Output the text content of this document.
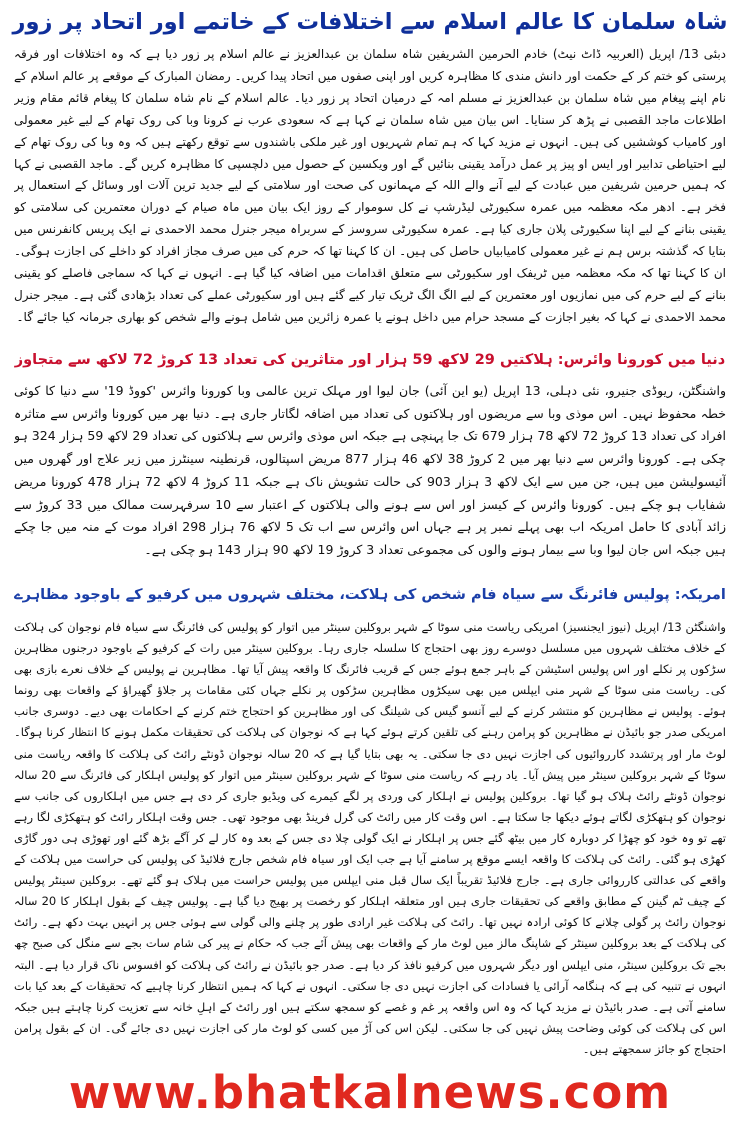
شاہ سلمان کا عالم اسلام سے اختلافات کے خاتمے اور اتحاد پر زور

دبئی 13/ اپریل (العربیہ ڈاٹ نیٹ) خادم الحرمین الشریفین شاہ سلمان بن عبدالعزیز نے عالم اسلام پر زور دیا ہے کہ وہ اختلافات اور فرقہ پرستی کو ختم کر کے حکمت اور دانش مندی کا مظاہرہ کریں اور اپنی صفوں میں اتحاد پیدا کریں۔ رمضان المبارک کے موقعے پر عالم اسلام کے نام اپنے پیغام میں شاہ سلمان بن عبدالعزیز نے مسلم امہ کے درمیان اتحاد پر زور دیا۔ عالم اسلام کے نام شاہ سلمان کا پیغام قائم مقام وزیر اطلاعات ماجد القصبی نے پڑھ کر سنایا۔ اس بیان میں شاہ سلمان نے کہا ہے کہ سعودی عرب نے کرونا وبا کی روک تھام کے لیے غیر معمولی اور کامیاب کوششیں کی ہیں۔ انہوں نے مزید کہا کہ ہم تمام شہریوں اور غیر ملکی باشندوں سے توقع رکھتے ہیں کہ وہ وبا کی روک تھام کے لیے احتیاطی تدابیر اور ایس او پیز پر عمل درآمد یقینی بنائیں گے اور ویکسین کے حصول میں دلچسپی کا مظاہرہ کریں گے۔ ماجد القصبی نے کہا کہ ہمیں حرمین شریفین میں عبادت کے لیے آنے والے اللہ کے مہمانوں کی صحت اور سلامتی کے لیے جدید ترین آلات اور وسائل کے استعمال پر فخر ہے۔ ادھر مکہ معظمہ میں عمرہ سکیورٹی لیڈرشپ نے کل سوموار کے روز ایک بیان میں ماہ صیام کے دوران معتمرین کی سلامتی کو یقینی بنانے کے لیے اپنا سکیورٹی پلان جاری کیا ہے۔ عمرہ سکیورٹی سروسز کے سربراہ میجر جنرل محمد الاحمدی نے ایک پریس کانفرنس میں بتایا کہ گذشتہ برس ہم نے غیر معمولی کامیابیاں حاصل کی ہیں۔ ان کا کہنا تھا کہ حرم کی میں صرف مجاز افراد کو داخلے کی اجازت ہوگی۔ ان کا کہنا تھا کہ مکہ معظمہ میں ٹریفک اور سکیورٹی سے متعلق اقدامات میں اضافہ کیا گیا ہے۔ انہوں نے کہا کہ سماجی فاصلے کو یقینی بنانے کے لیے حرم کی میں نمازیوں اور معتمرین کے لیے الگ الگ ٹریک تیار کیے گئے ہیں اور سکیورٹی عملے کی تعداد بڑھادی گئی ہے۔ میجر جنرل محمد الاحمدی نے کہا کہ بغیر اجازت کے مسجد حرام میں داخل ہونے یا عمرہ زائرین میں شامل ہونے والے شخص کو بھاری جرمانہ کیا جائے گا۔

دنیا میں کورونا وائرس: ہلاکتیں 29 لاکھ 59 ہزار اور متاثرین کی تعداد 13 کروڑ 72 لاکھ سے متجاوز

واشنگٹن، ریوڈی جنیرو، نئی دہلی، 13 اپریل (یو این آئی) جان لیوا اور مہلک ترین عالمی وبا کورونا وائرس 'کووڈ 19' سے دنیا کا کوئی خطہ محفوظ نہیں۔ اس موذی وبا سے مریضوں اور ہلاکتوں کی تعداد میں اضافہ لگاتار جاری ہے۔ دنیا بھر میں کورونا وائرس سے متاثرہ افراد کی تعداد 13 کروڑ 72 لاکھ 78 ہزار 679 تک جا پہنچی ہے جبکہ اس موذی وائرس سے ہلاکتوں کی تعداد 29 لاکھ 59 ہزار 324 ہو چکی ہے۔ کورونا وائرس سے دنیا بھر میں 2 کروڑ 38 لاکھ 46 ہزار 877 مریض اسپتالوں، قرنطینہ سینٹرز میں زیر علاج اور گھروں میں آئیسولیشن میں ہیں، جن میں سے ایک لاکھ 3 ہزار 903 کی حالت تشویش ناک ہے جبکہ 11 کروڑ 4 لاکھ 72 ہزار 478 کورونا مریض شفایاب ہو چکے ہیں۔ کورونا وائرس کے کیسز اور اس سے ہونے والی ہلاکتوں کے اعتبار سے 10 سرفہرست ممالک میں 33 کروڑ سے زائد آبادی کا حامل امریکہ اب بھی پہلے نمبر پر ہے جہاں اس وائرس سے اب تک 5 لاکھ 76 ہزار 298 افراد موت کے منہ میں جا چکے ہیں جبکہ اس جان لیوا وبا سے بیمار ہونے والوں کی مجموعی تعداد 3 کروڑ 19 لاکھ 90 ہزار 143 ہو چکی ہے۔

امریکہ: پولیس فائرنگ سے سیاہ فام شخص کی ہلاکت، مختلف شہروں میں کرفیو کے باوجود مظاہرے

واشنگٹن 13/ اپریل (نیوز ایجنسیز) امریکی ریاست منی سوٹا کے شہر بروکلین سینٹر میں اتوار کو پولیس کی فائرنگ سے سیاہ فام نوجوان کی ہلاکت کے خلاف مختلف شہروں میں مسلسل دوسرے روز بھی احتجاج کا سلسلہ جاری رہا۔ بروکلین سینٹر میں رات کے کرفیو کے باوجود درجنوں مظاہرین سڑکوں پر نکلے اور اس پولیس اسٹیشن کے باہر جمع ہوئے جس کے قریب فائرنگ کا واقعہ پیش آیا تھا۔ مظاہرین نے پولیس کے خلاف نعرے بازی بھی کی۔ ریاست منی سوٹا کے شہر منی ایپلس میں بھی سیکڑوں مظاہرین سڑکوں پر نکلے جہاں کئی مقامات پر جلاؤ گھیراؤ کے واقعات بھی رونما ہوئے۔ پولیس نے مظاہرین کو منتشر کرنے کے لیے آنسو گیس کی شیلنگ کی اور مظاہرین کو احتجاج ختم کرنے کے احکامات بھی دیے۔ دوسری جانب امریکی صدر جو بائیڈن نے مظاہرین کو پرامن رہنے کی تلقین کرتے ہوئے کہا ہے کہ نوجوان کی ہلاکت کی تحقیقات مکمل ہونے کا انتظار کرنا ہوگا۔ لوٹ مار اور پرتشدد کارروائیوں کی اجازت نہیں دی جا سکتی۔ یہ بھی بتایا گیا ہے کہ 20 سالہ نوجوان ڈونٹے رائٹ کی ہلاکت کا واقعہ ریاست منی سوٹا کے شہر بروکلین سینٹر میں پیش آیا۔ یاد رہے کہ ریاست منی سوٹا کے شہر بروکلین سینٹر میں اتوار کو پولیس اہلکار کی فائرنگ سے 20 سالہ نوجوان ڈونٹے رائٹ ہلاک ہو گیا تھا۔ بروکلین پولیس نے اہلکار کی وردی پر لگے کیمرے کی ویڈیو جاری کر دی ہے جس میں اہلکاروں کی جانب سے نوجوان کو ہتھکڑی لگاتے ہوئے دیکھا جا سکتا ہے۔ اس وقت کار میں رائٹ کی گرل فرینڈ بھی موجود تھی۔ جس وقت اہلکار رائٹ کو ہتھکڑی لگا رہے تھے تو وہ خود کو چھڑا کر دوبارہ کار میں بیٹھ گئے جس پر اہلکار نے ایک گولی چلا دی جس کے بعد وہ کار لے کر آگے بڑھ گئے اور تھوڑی ہی دور گاڑی کھڑی ہو گئی۔ رائٹ کی ہلاکت کا واقعہ ایسے موقع پر سامنے آیا ہے جب ایک اور سیاہ فام شخص جارج فلائیڈ کی پولیس کی حراست میں ہلاکت کے واقعے کی عدالتی کارروائی جاری ہے۔ جارج فلائیڈ تقریباً ایک سال قبل منی ایپلس میں پولیس حراست میں ہلاک ہو گئے تھے۔ بروکلین سینٹر پولیس کے چیف ٹم گینن کے مطابق واقعے کی تحقیقات جاری ہیں اور متعلقہ اہلکار کو رخصت پر بھیج دیا گیا ہے۔ پولیس چیف کے بقول اہلکار کا 20 سالہ نوجوان رائٹ پر گولی چلانے کا کوئی ارادہ نہیں تھا۔ رائٹ کی ہلاکت غیر ارادی طور پر چلنے والی گولی سے ہوئی جس پر انہیں بہت دکھ ہے۔ رائٹ کی ہلاکت کے بعد بروکلین سینٹر کے شاپنگ مالز میں لوٹ مار کے واقعات بھی پیش آئے جب کہ حکام نے پیر کی شام سات بجے سے منگل کی صبح چھ بجے تک بروکلین سینٹر، منی ایپلس اور دیگر شہروں میں کرفیو نافذ کر دیا ہے۔ صدر جو بائیڈن نے رائٹ کی ہلاکت کو افسوس ناک قرار دیا ہے۔ البتہ انہوں نے تنبیہ کی ہے کہ ہنگامہ آرائی یا فسادات کی اجازت نہیں دی جا سکتی۔ انہوں نے کہا کہ ہمیں انتظار کرنا چاہیے کہ تحقیقات کے بعد کیا بات سامنے آتی ہے۔ صدر بائیڈن نے مزید کہا کہ وہ اس واقعہ پر غم و غصے کو سمجھ سکتے ہیں اور رائٹ کے اہلِ خانہ سے تعزیت کرنا چاہتے ہیں جبکہ اس کی ہلاکت کی کوئی وضاحت پیش نہیں کی جا سکتی۔ لیکن اس کی آڑ میں کسی کو لوٹ مار کی اجازت نہیں دی جائے گی۔ ان کے بقول پرامن احتجاج کو جائز سمجھتے ہیں۔

www.bhatkalnews.com
